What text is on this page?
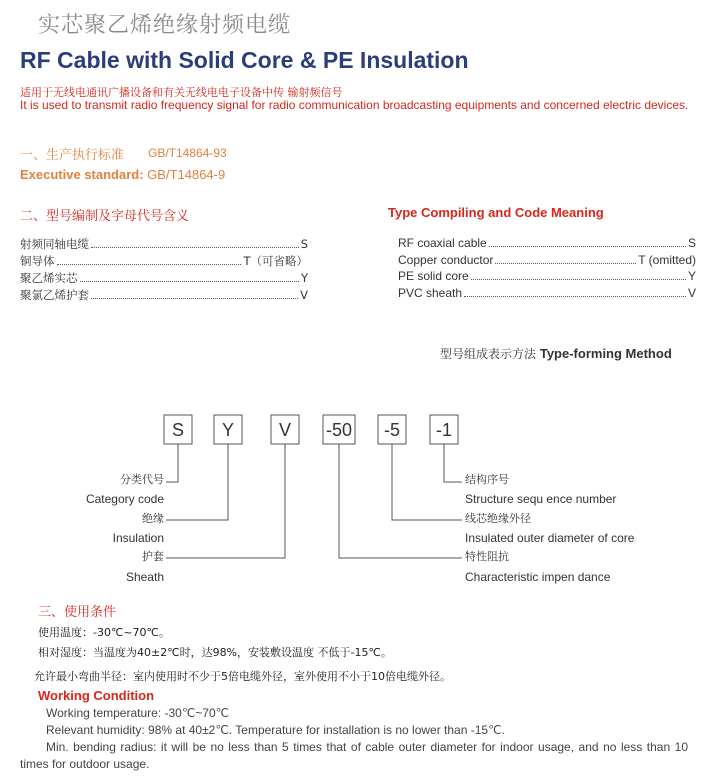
实芯聚乙烯绝缘射频电缆
RF Cable with Solid Core & PE Insulation
适用于无线电通讯广播设备和有关无线电电子设备中传 输射频信号
It is used to transmit radio frequency signal for radio communication broadcasting equipments and concerned electric devices.
一、生产执行标准 GB/T14864-93
Executive standard: GB/T14864-9
二、型号编制及字母代号含义	Type Compiling and Code Meaning
射频同轴电缆	S
铜导体	T（可省略）
聚乙烯实芯	Y
聚氯乙烯护套	V
RF coaxial cable	S
Copper conductor	T (omitted)
PE solid core	Y
PVC sheath	V
型号组成表示方法 Type-forming Method
S Y V -50 -5 -1
分类代号
Category code
绝缘
Insulation
护套
Sheath
结构序号
Structure sequ ence number
线芯绝缘外径
Insulated outer diameter of core
特性阻抗
Characteristic impen dance
三、使用条件
使用温度：-30℃~70℃。
相对湿度：当温度为40±2℃时，达98%，安装敷设温度 不低于-15℃。
允许最小弯曲半径：室内使用时不少于5倍电缆外径，室外使用不小于10倍电缆外径。
Working Condition

Working temperature: -30℃~70℃

Relevant humidity: 98% at 40±2℃. Temperature for installation is no lower than -15℃.

Min. bending radius: it will be no less than 5 times that of cable outer diameter for indoor usage, and no less than 10 times for outdoor usage.
